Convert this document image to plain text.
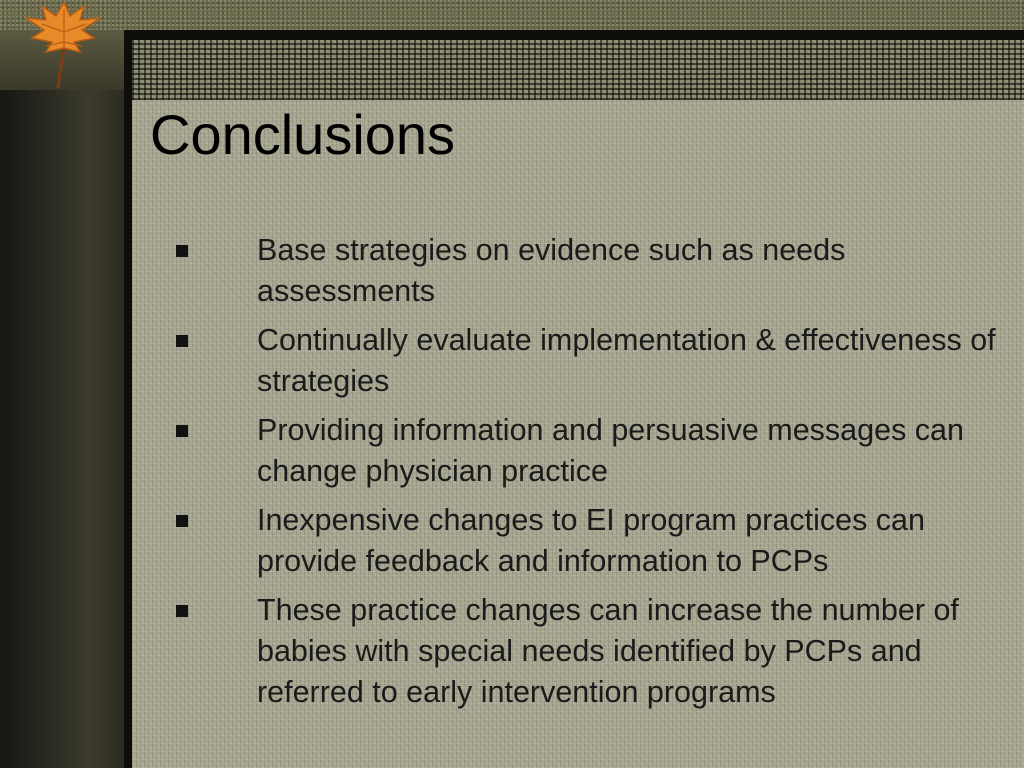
Conclusions
Base strategies on evidence such as needs assessments
Continually evaluate implementation & effectiveness of strategies
Providing information and persuasive messages can change physician practice
Inexpensive changes to EI program practices can provide feedback and information to PCPs
These practice changes can increase the number of babies with special needs identified by PCPs and referred to early intervention programs
